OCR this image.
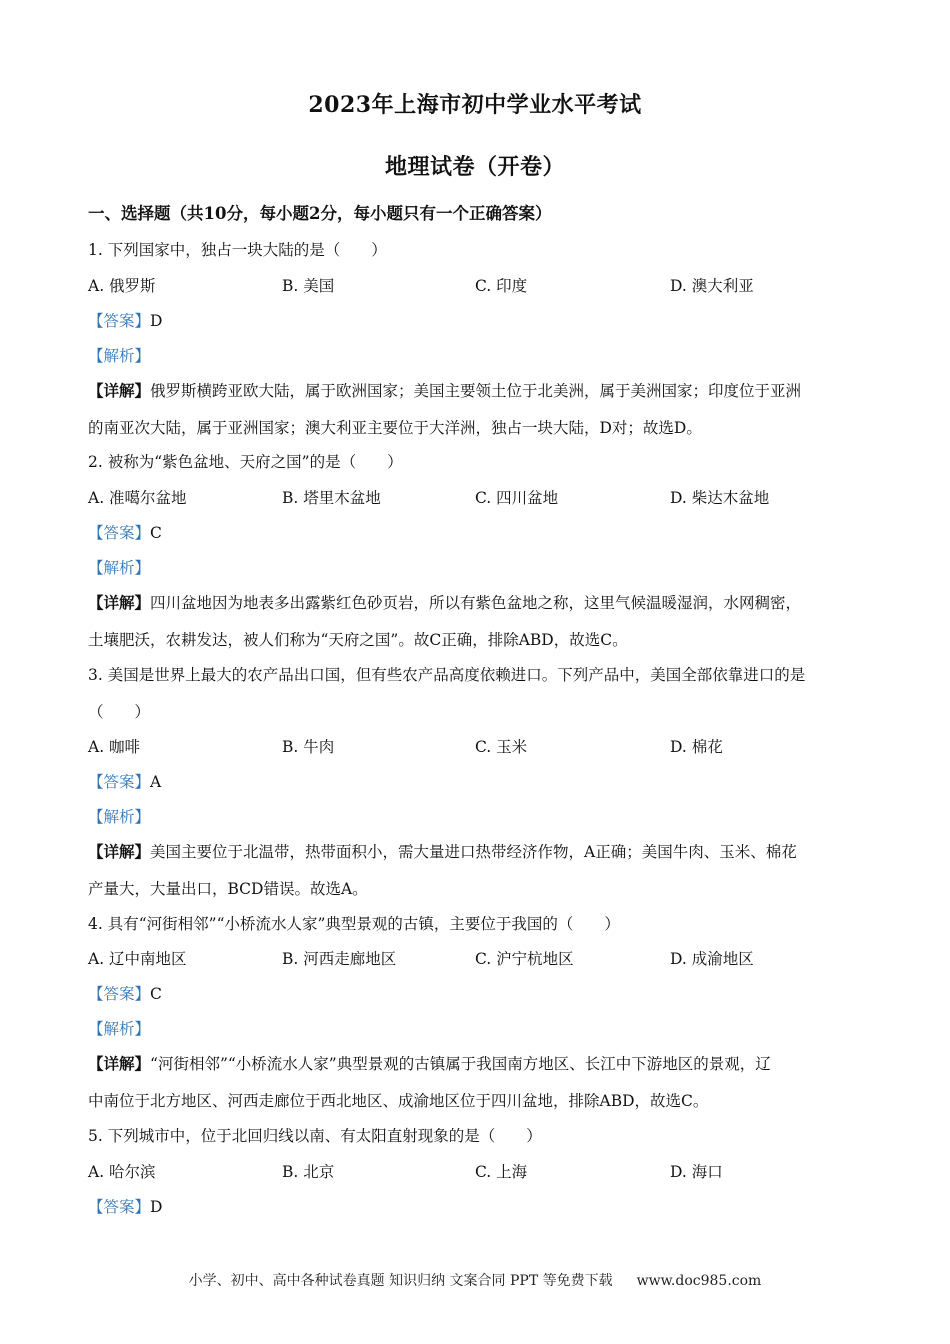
2023年上海市初中学业水平考试
地理试卷（开卷）
一、选择题（共10分，每小题2分，每小题只有一个正确答案）
1. 下列国家中，独占一块大陆的是（　　）
A. 俄罗斯	B. 美国	C. 印度	D. 澳大利亚
【答案】D
【解析】
【详解】俄罗斯横跨亚欧大陆，属于欧洲国家；美国主要领土位于北美洲，属于美洲国家；印度位于亚洲
的南亚次大陆，属于亚洲国家；澳大利亚主要位于大洋洲，独占一块大陆，D对；故选D。
2. 被称为“紫色盆地、天府之国”的是（　　）
A. 准噶尔盆地	B. 塔里木盆地	C. 四川盆地	D. 柴达木盆地
【答案】C
【解析】
【详解】四川盆地因为地表多出露紫红色砂页岩，所以有紫色盆地之称，这里气候温暖湿润，水网稠密，
土壤肥沃，农耕发达，被人们称为“天府之国”。故C正确，排除ABD，故选C。
3. 美国是世界上最大的农产品出口国，但有些农产品高度依赖进口。下列产品中，美国全部依靠进口的是
（　　）
A. 咖啡	B. 牛肉	C. 玉米	D. 棉花
【答案】A
【解析】
【详解】美国主要位于北温带，热带面积小，需大量进口热带经济作物，A正确；美国牛肉、玉米、棉花
产量大，大量出口，BCD错误。故选A。
4. 具有“河街相邻”“小桥流水人家”典型景观的古镇，主要位于我国的（　　）
A. 辽中南地区	B. 河西走廊地区	C. 沪宁杭地区	D. 成渝地区
【答案】C
【解析】
【详解】“河街相邻”“小桥流水人家”典型景观的古镇属于我国南方地区、长江中下游地区的景观，辽
中南位于北方地区、河西走廊位于西北地区、成渝地区位于四川盆地，排除ABD，故选C。
5. 下列城市中，位于北回归线以南、有太阳直射现象的是（　　）
A. 哈尔滨	B. 北京	C. 上海	D. 海口
【答案】D
小学、初中、高中各种试卷真题 知识归纳 文案合同 PPT 等免费下载 www.doc985.com
